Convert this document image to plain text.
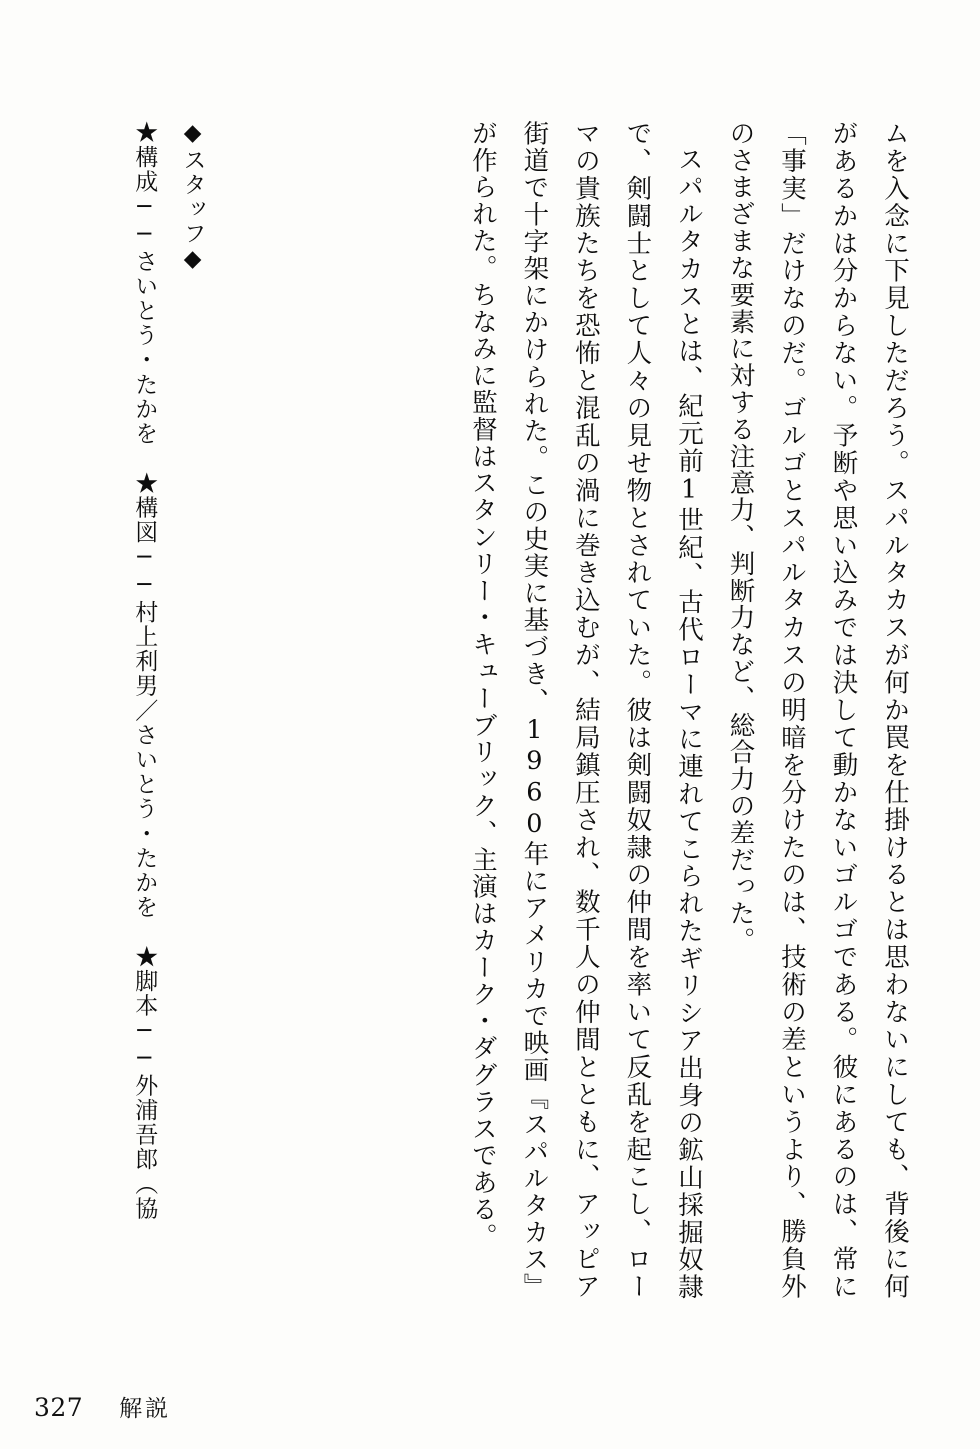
ムを入念に下見しただろう。スパルタカスが何か罠を仕掛けるとは思わないにしても、背後に何があるかは分からない。予断や思い込みでは決して動かないゴルゴである。彼にあるのは、常に「事実」だけなのだ。ゴルゴとスパルタカスの明暗を分けたのは、技術の差というより、勝負外のさまざまな要素に対する注意力、判断力など、総合力の差だった。

スパルタカスとは、紀元前1世紀、古代ローマに連れてこられたギリシア出身の鉱山採掘奴隷で、剣闘士として人々の見せ物とされていた。彼は剣闘奴隷の仲間を率いて反乱を起こし、ローマの貴族たちを恐怖と混乱の渦に巻き込むが、結局鎮圧され、数千人の仲間とともに、アッピア街道で十字架にかけられた。この史実に基づき、1960年にアメリカで映画『スパルタカス』が作られた。ちなみに監督はスタンリー・キューブリック、主演はカーク・ダグラスである。

◆スタッフ◆

★構成──さいとう・たかを　★構図──村上利男／さいとう・たかを　★脚本──外浦吾郎（協

327 解説
